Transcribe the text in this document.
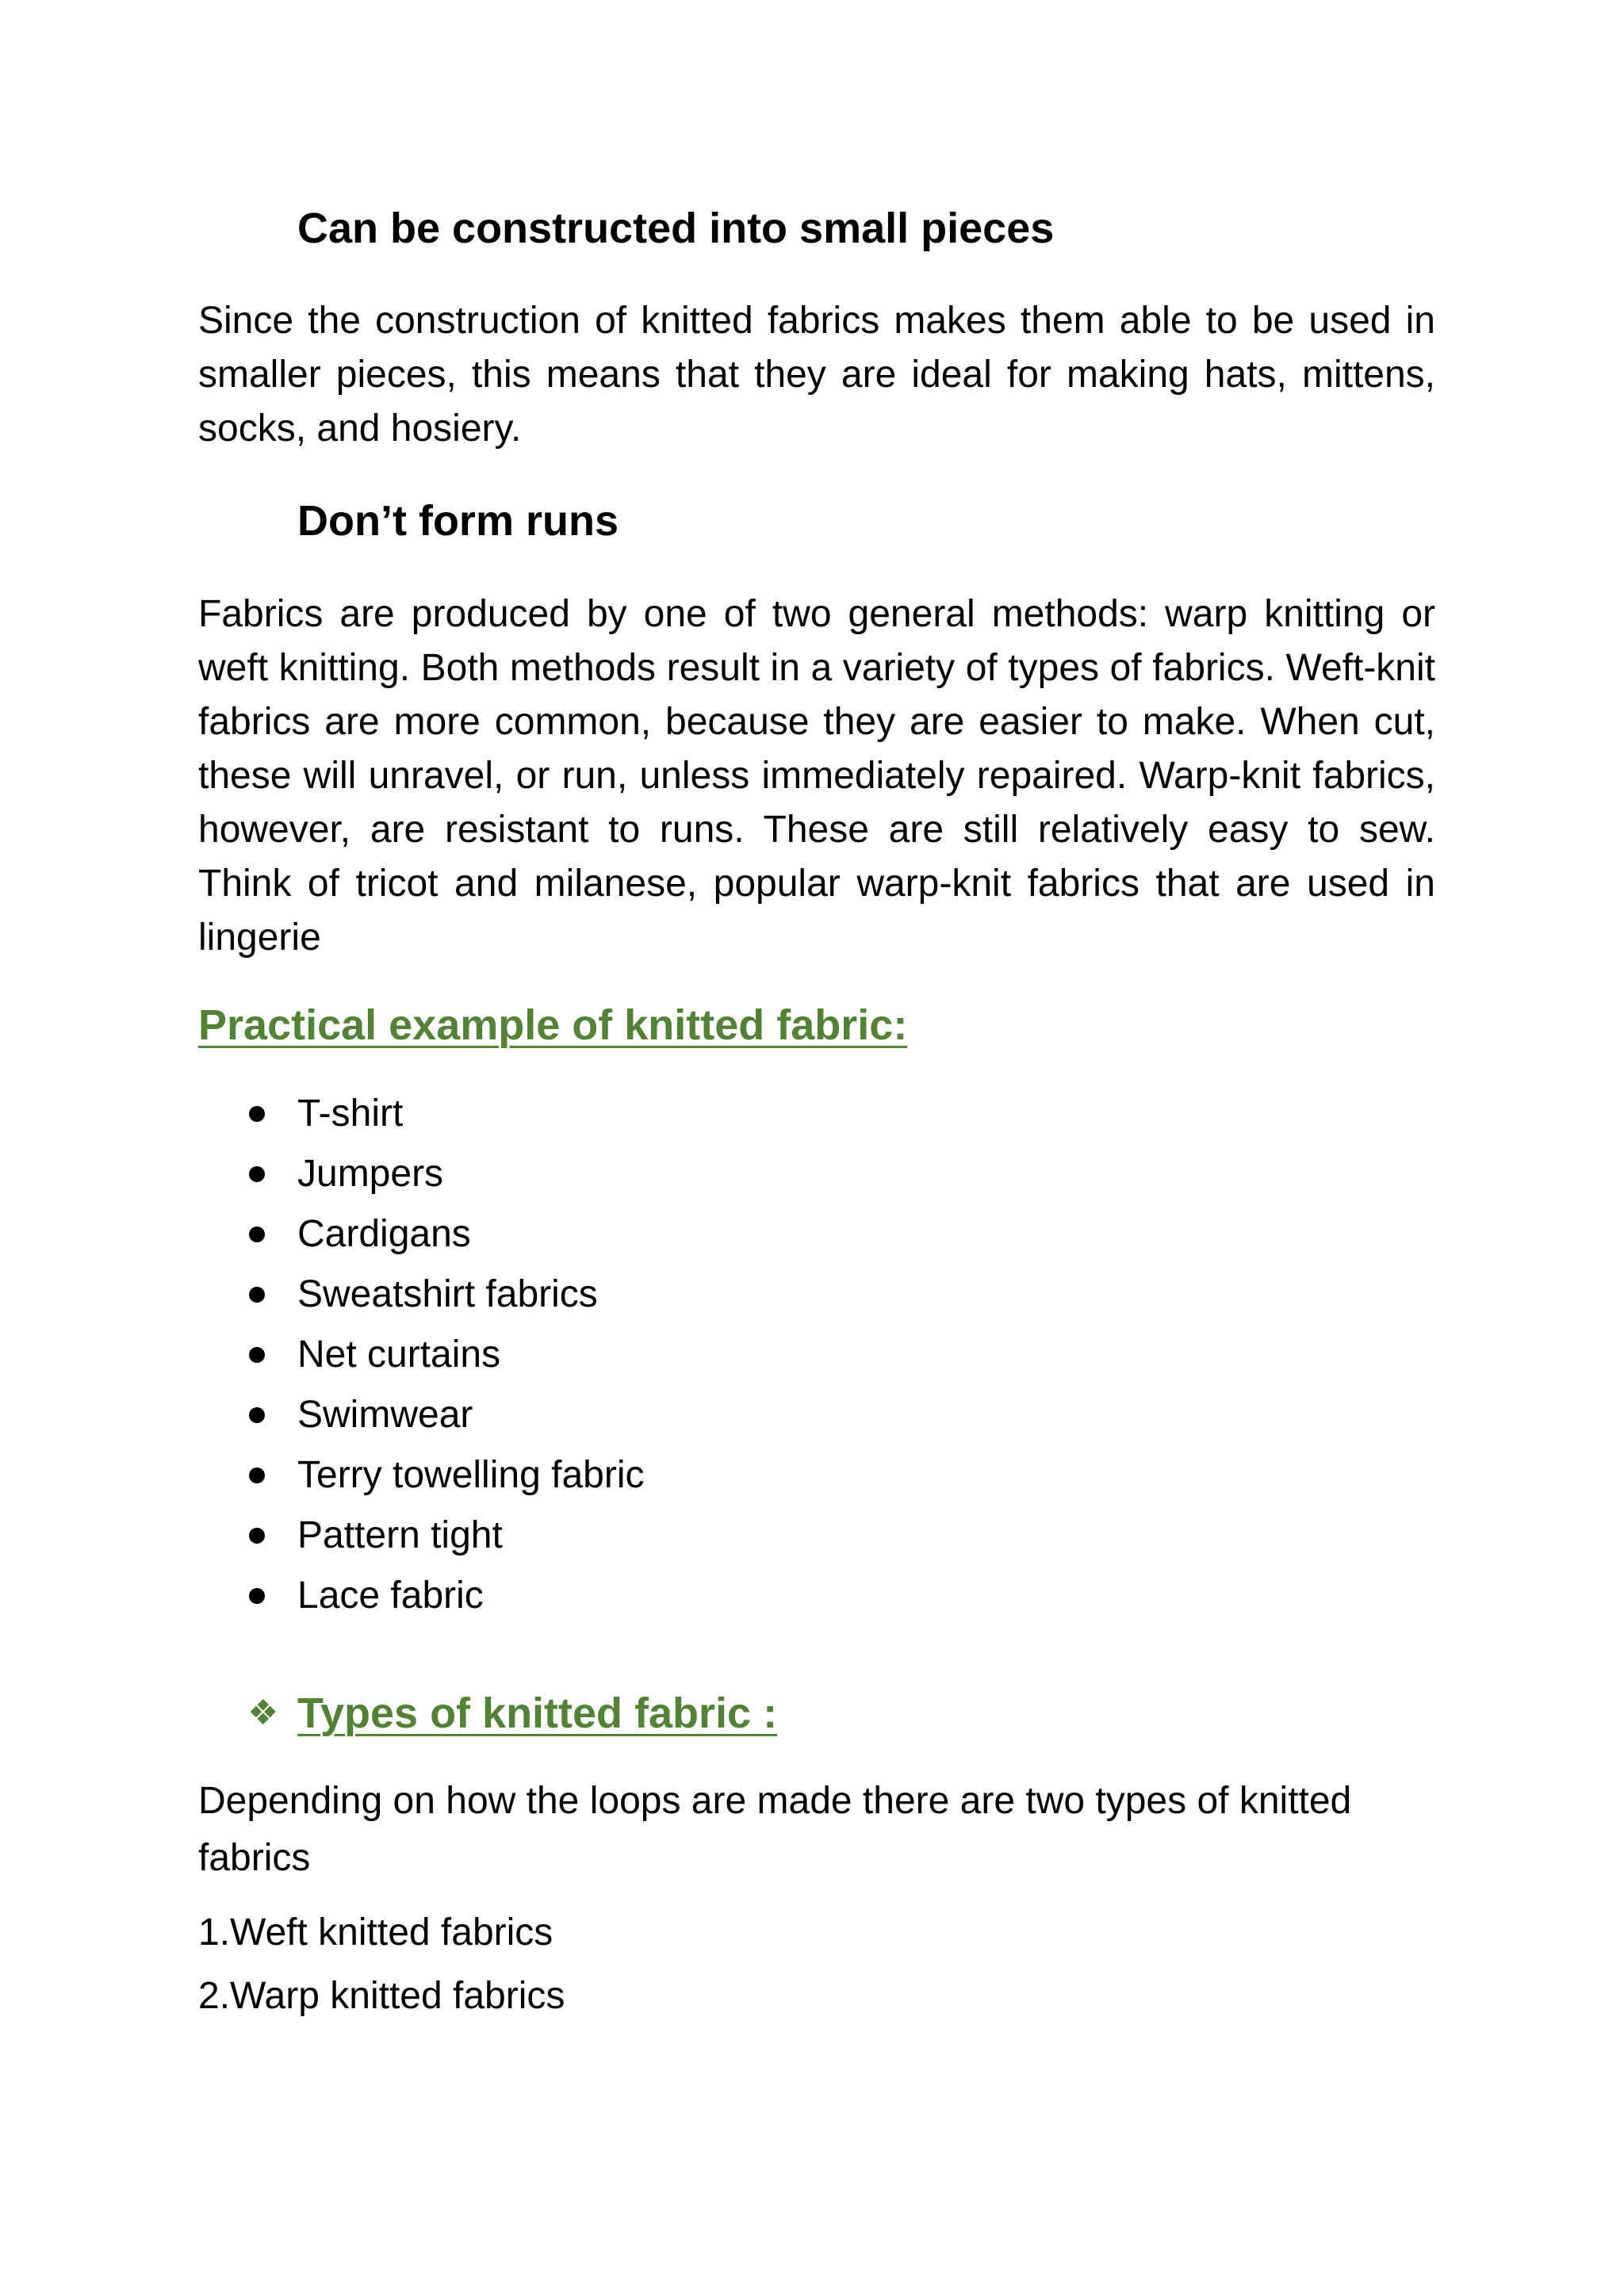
Can be constructed into small pieces

Since the construction of knitted fabrics makes them able to be used in smaller pieces, this means that they are ideal for making hats, mittens, socks, and hosiery.

Don’t form runs

Fabrics are produced by one of two general methods: warp knitting or weft knitting. Both methods result in a variety of types of fabrics. Weft-knit fabrics are more common, because they are easier to make. When cut, these will unravel, or run, unless immediately repaired. Warp-knit fabrics, however, are resistant to runs. These are still relatively easy to sew. Think of tricot and milanese, popular warp-knit fabrics that are used in lingerie

Practical example of knitted fabric:
T-shirt
Jumpers
Cardigans
Sweatshirt fabrics
Net curtains
Swimwear
Terry towelling fabric
Pattern tight
Lace fabric
❖ Types of knitted fabric :

Depending on how the loops are made there are two types of knitted fabrics

1.Weft knitted fabrics

2.Warp knitted fabrics
